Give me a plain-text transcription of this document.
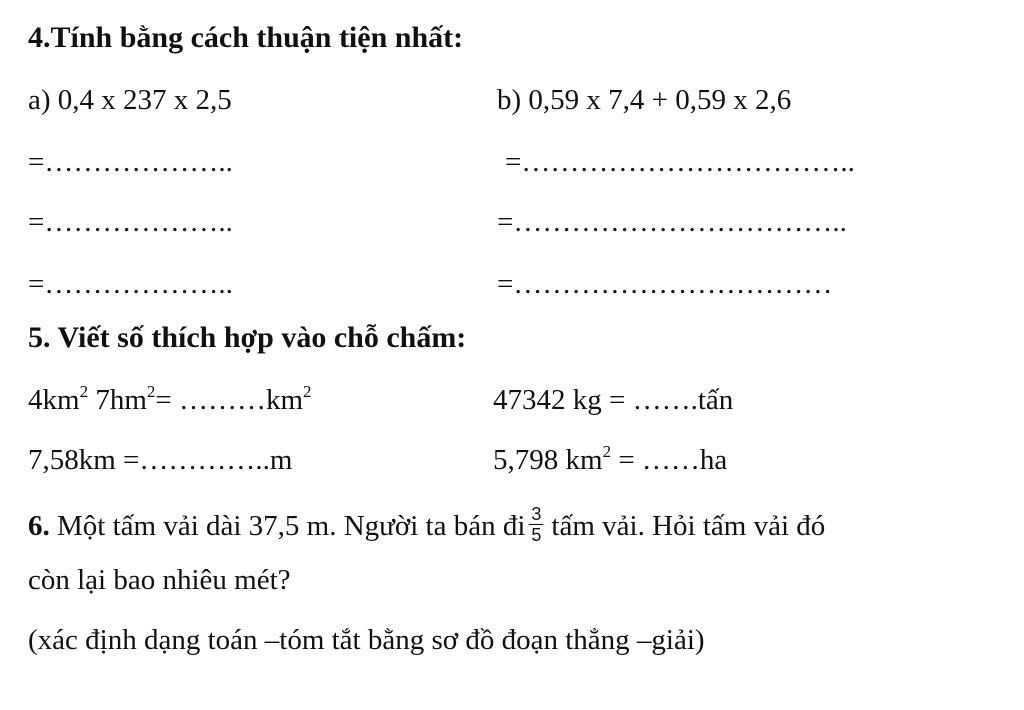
4.Tính bằng cách thuận tiện nhất:
a) 0,4 x 237 x 2,5	b) 0,59 x 7,4 + 0,59 x 2,6
=………………..	=……………………………..
=………………..	=……………………………..
=………………..	=……………………………
5. Viết số thích hợp vào chỗ chấm:
$4km^2$ $7hm^2=$ $\dots\dots\dots km^2$	47342 kg = …….tấn
7,58km =…………..m	5,798 $km^2$ = ……ha
6. Một tấm vải dài 37,5 m. Người ta bán đi $\frac{3}{5}$ tấm vải. Hỏi tấm vải đó
còn lại bao nhiêu mét?
(xác định dạng toán –tóm tắt bằng sơ đồ đoạn thẳng –giải)
